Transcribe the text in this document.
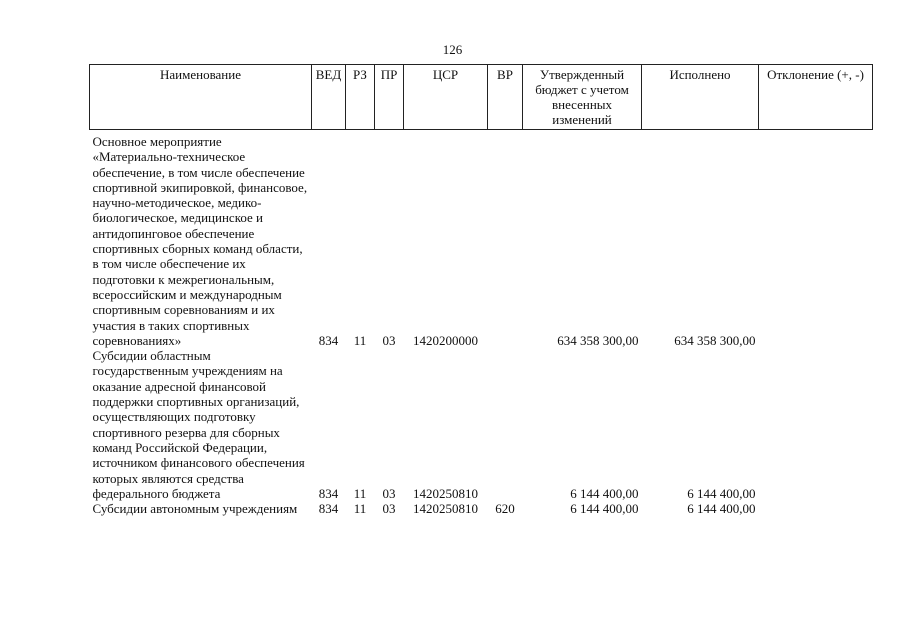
126
Наименование	ВЕД	РЗ	ПР	ЦСР	ВР	Утвержденный бюджет с учетом внесенных изменений	Исполнено	Отклонение (+, -)

Основное мероприятие «Материально-техническое обеспечение, в том числе обеспечение спортивной экипировкой, финансовое, научно-методическое, медико-биологическое, медицинское и антидопинговое обеспечение спортивных сборных команд области, в том числе обеспечение их подготовки к межрегиональным, всероссийским и международным спортивным соревнованиям и их участия в таких спортивных соревнованиях»	834	11	03	1420200000		634 358 300,00	634 358 300,00	
Субсидии областным государственным учреждениям на оказание адресной финансовой поддержки спортивных организаций, осуществляющих подготовку спортивного резерва для сборных команд Российской Федерации, источником финансового обеспечения которых являются средства федерального бюджета	834	11	03	1420250810		6 144 400,00	6 144 400,00	
Субсидии автономным учреждениям	834	11	03	1420250810	620	6 144 400,00	6 144 400,00	
